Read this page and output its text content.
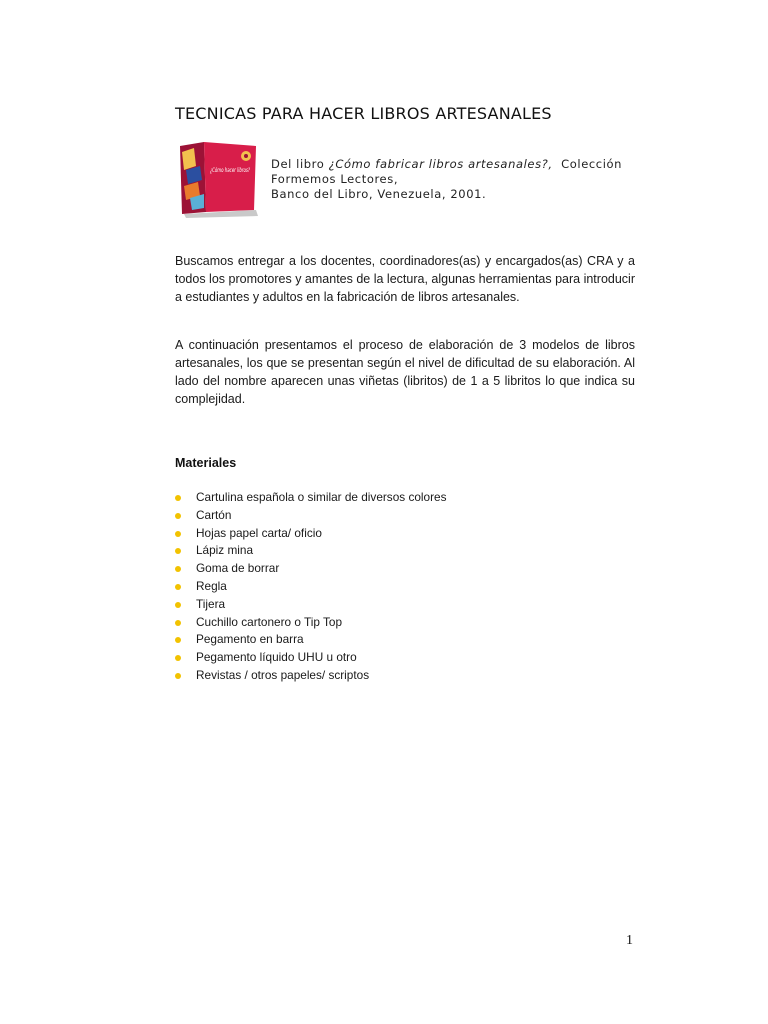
TECNICAS PARA HACER LIBROS ARTESANALES
¿Cómo hacer libros? Del libro ¿Cómo fabricar libros artesanales?,  Colección
Formemos Lectores,
Banco del Libro, Venezuela, 2001.
Buscamos entregar a los docentes, coordinadores(as) y encargados(as) CRA y a todos los promotores y amantes de la lectura, algunas herramientas para introducir a estudiantes y adultos en la fabricación de libros artesanales.
A continuación presentamos el proceso de elaboración de 3 modelos de libros artesanales, los que se presentan según el nivel de dificultad de su elaboración. Al lado del nombre aparecen unas viñetas (libritos) de 1 a 5 libritos lo que indica su complejidad.
Materiales
Cartulina española o similar de diversos colores
Cartón
Hojas papel carta/ oficio
Lápiz mina
Goma de borrar
Regla
Tijera
Cuchillo cartonero o Tip Top
Pegamento en barra
Pegamento líquido UHU u otro
Revistas / otros papeles/ scriptos
1
